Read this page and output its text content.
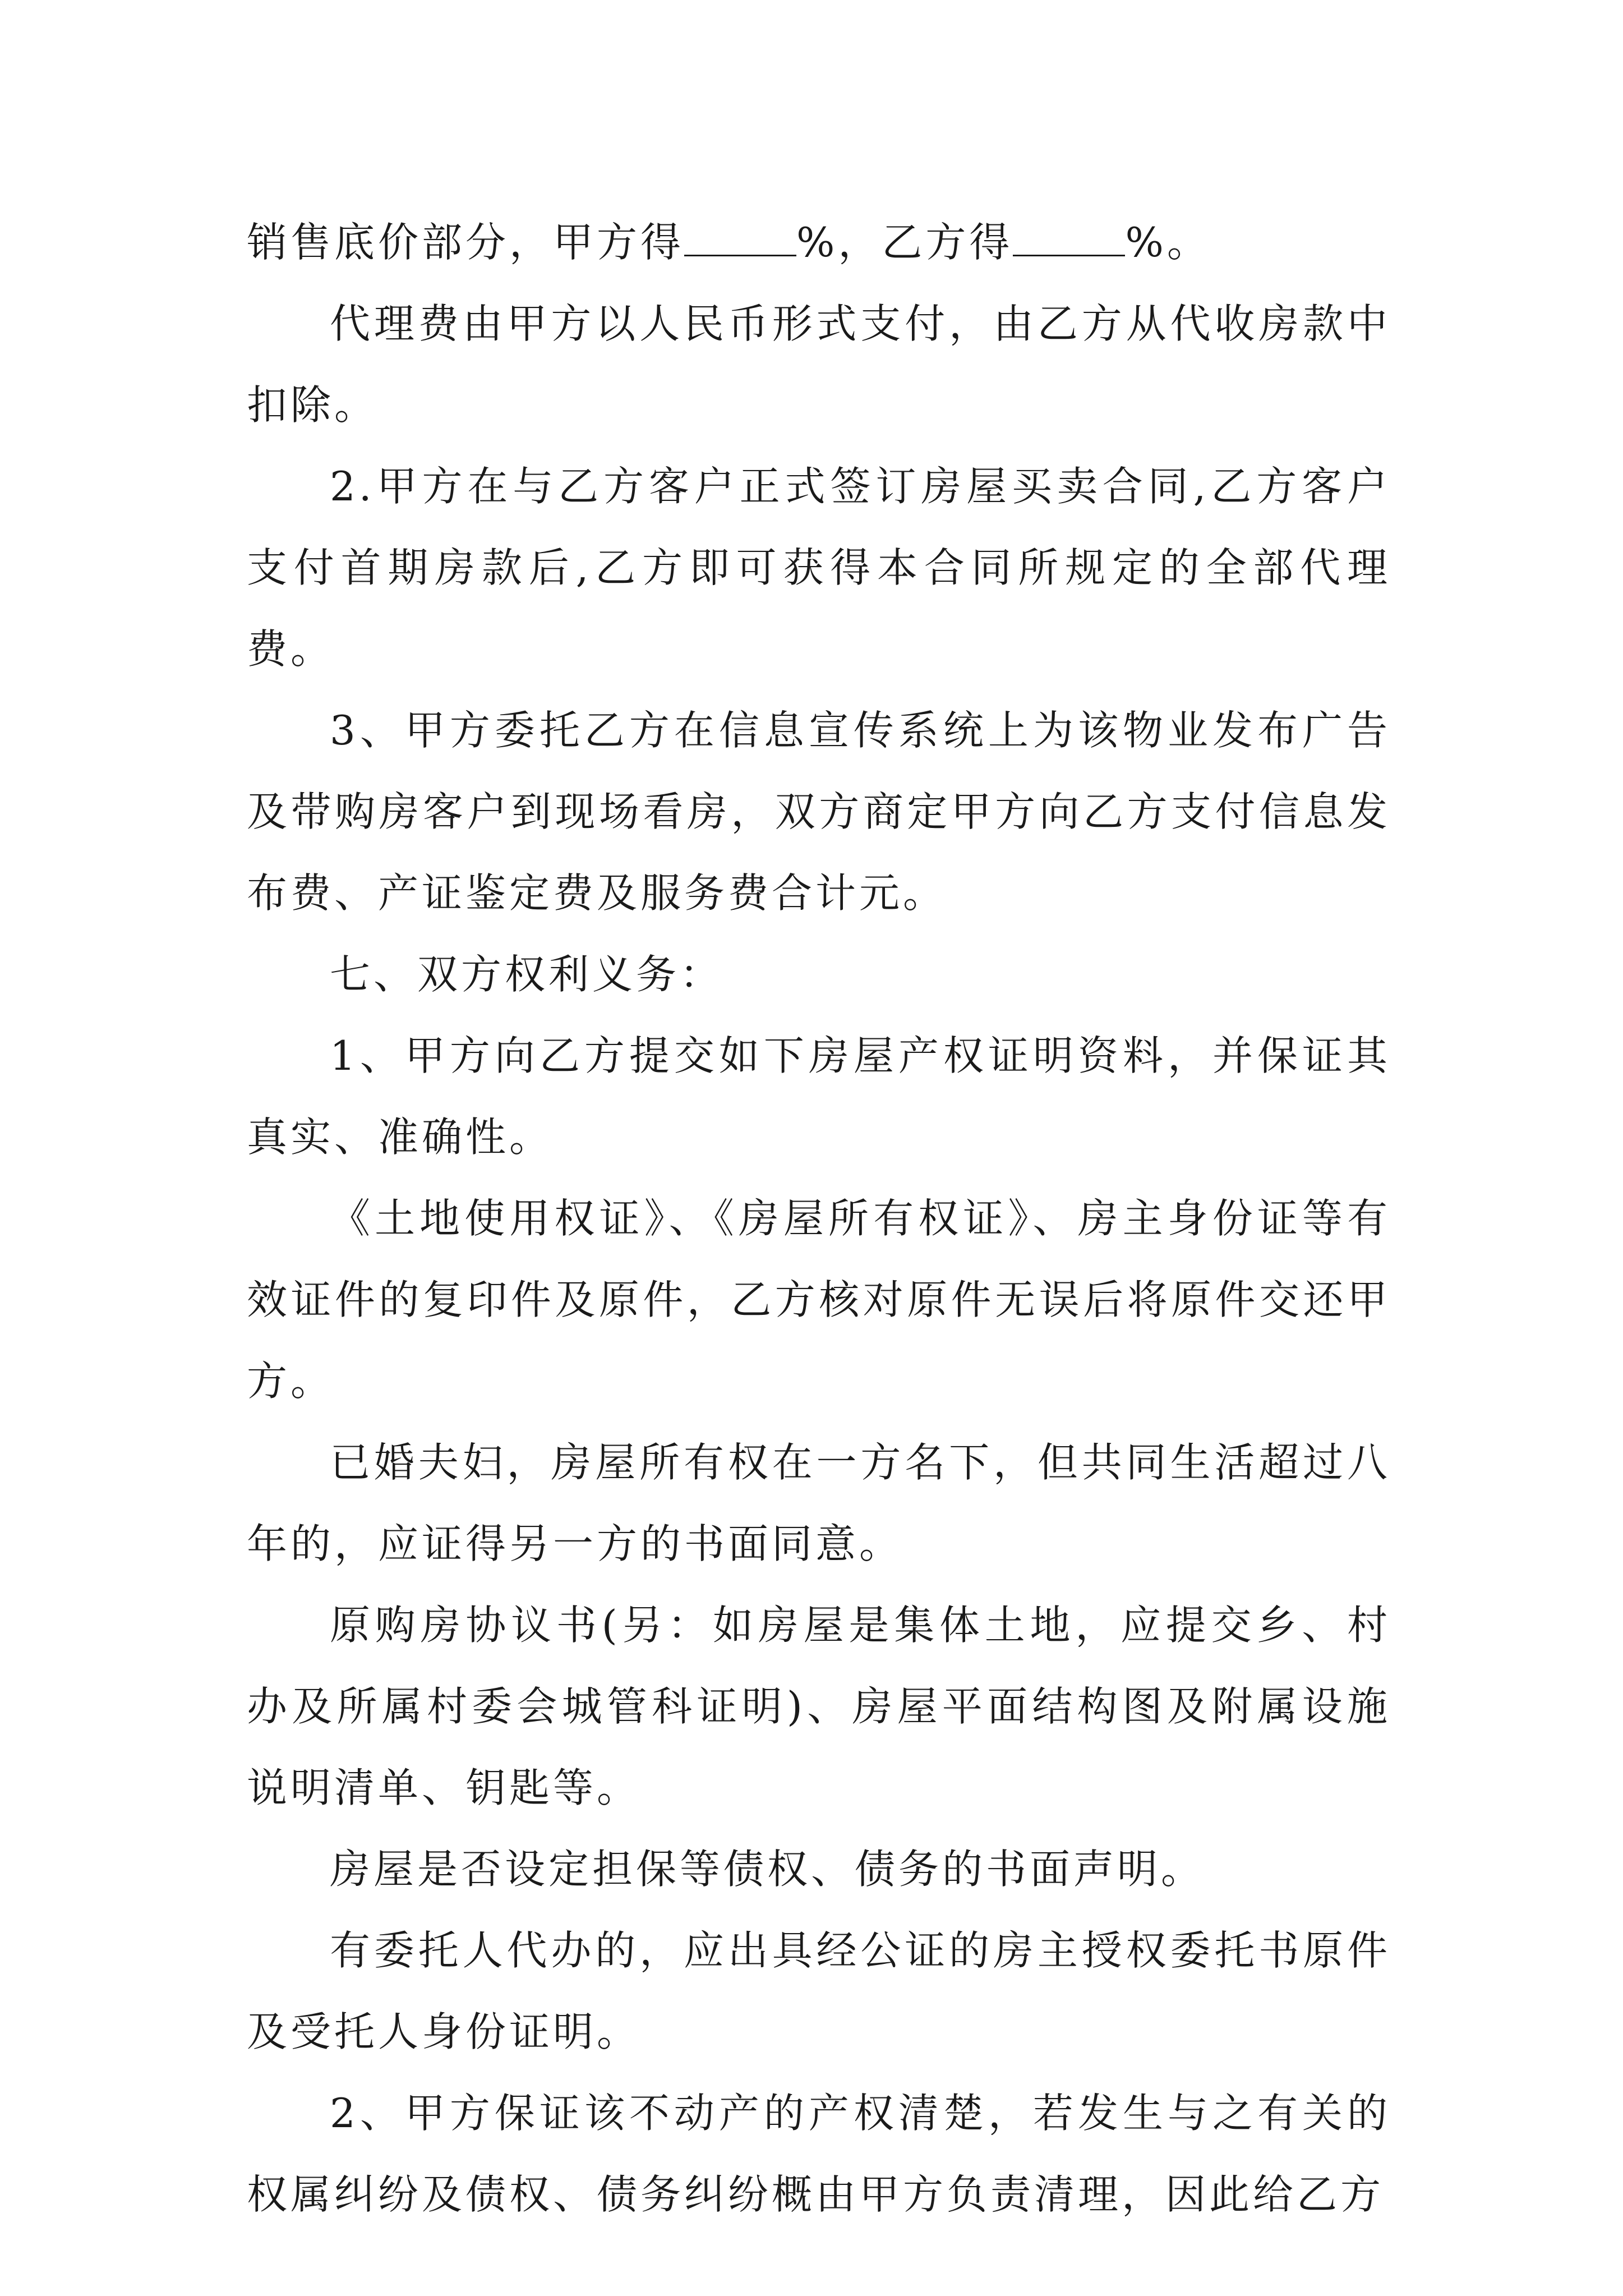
销售底价部分，甲方得	%，乙方得	%。

代理费由甲方以人民币形式支付，由乙方从代收房款中扣除。

2.甲方在与乙方客户正式签订房屋买卖合同,乙方客户支付首期房款后,乙方即可获得本合同所规定的全部代理费。

3、甲方委托乙方在信息宣传系统上为该物业发布广告及带购房客户到现场看房，双方商定甲方向乙方支付信息发布费、产证鉴定费及服务费合计元。

七、双方权利义务：

1、甲方向乙方提交如下房屋产权证明资料，并保证其真实、准确性。

《土地使用权证》、《房屋所有权证》、房主身份证等有效证件的复印件及原件，乙方核对原件无误后将原件交还甲方。

已婚夫妇，房屋所有权在一方名下，但共同生活超过八年的，应证得另一方的书面同意。

原购房协议书(另：如房屋是集体土地，应提交乡、村办及所属村委会城管科证明)、房屋平面结构图及附属设施说明清单、钥匙等。

房屋是否设定担保等债权、债务的书面声明。

有委托人代办的，应出具经公证的房主授权委托书原件及受托人身份证明。

2、甲方保证该不动产的产权清楚，若发生与之有关的权属纠纷及债权、债务纠纷概由甲方负责清理，因此给乙方
